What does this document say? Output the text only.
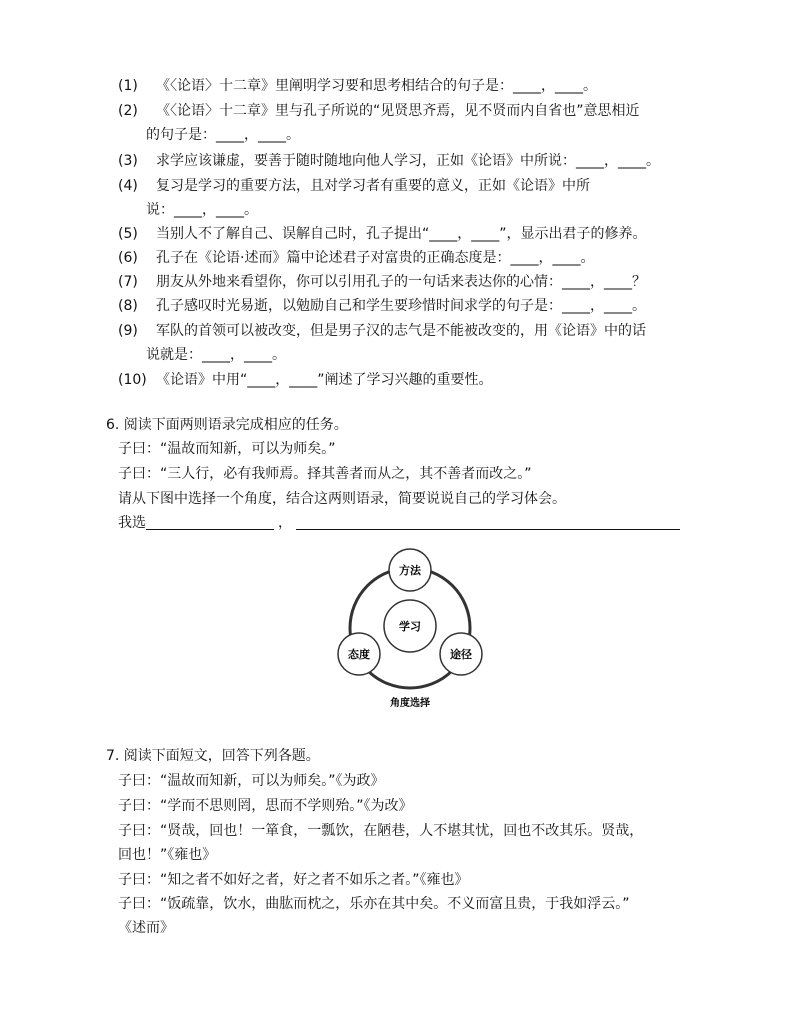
(1) 《〈论语〉十二章》里阐明学习要和思考相结合的句子是：____，____。
(2) 《〈论语〉十二章》里与孔子所说的“见贤思齐焉，见不贤而内自省也”意思相近
的句子是：____，____。
(3) 求学应该谦虚，要善于随时随地向他人学习，正如《论语》中所说：____，____。
(4) 复习是学习的重要方法，且对学习者有重要的意义，正如《论语》中所
说：____，____。
(5) 当别人不了解自己、误解自己时，孔子提出“____，____”，显示出君子的修养。
(6) 孔子在《论语·述而》篇中论述君子对富贵的正确态度是：____，____。
(7) 朋友从外地来看望你，你可以引用孔子的一句话来表达你的心情：____，____？
(8) 孔子感叹时光易逝，以勉励自己和学生要珍惜时间求学的句子是：____，____。
(9) 军队的首领可以被改变，但是男子汉的志气是不能被改变的，用《论语》中的话
说就是：____，____。
(10) 《论语》中用“____，____”阐述了学习兴趣的重要性。
6. 阅读下面两则语录完成相应的任务。
子曰：“温故而知新，可以为师矣。”
子曰：“三人行，必有我师焉。择其善者而从之，其不善者而改之。”
请从下图中选择一个角度，结合这两则语录，简要说说自己的学习体会。
我选	，
学习
方法
态度	途径
角度选择
7. 阅读下面短文，回答下列各题。
子曰：“温故而知新，可以为师矣。”《为政》
子曰：“学而不思则罔，思而不学则殆。”《为改》
子曰：“贤哉，回也！一箪食，一瓢饮，在陋巷，人不堪其忧，回也不改其乐。贤哉，
回也！”《雍也》
子曰：“知之者不如好之者，好之者不如乐之者。”《雍也》
子曰：“饭疏靠，饮水，曲肱而枕之，乐亦在其中矣。不义而富且贵，于我如浮云。”
《述而》
